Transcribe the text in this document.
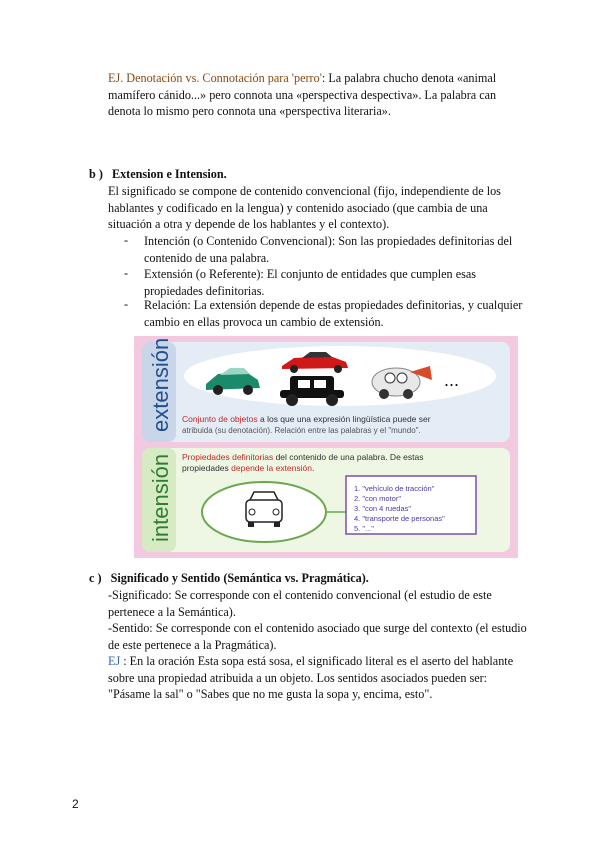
EJ. Denotación vs. Connotación para 'perro': La palabra chucho denota «animal
mamífero cánido...» pero connota una «perspectiva despectiva». La palabra can
denota lo mismo pero connota una «perspectiva literaria».
b ) Extension e Intension.
El significado se compone de contenido convencional (fijo, independiente de los
hablantes y codificado en la lengua) y contenido asociado (que cambia de una
situación a otra y depende de los hablantes y el contexto).
- Intención (o Contenido Convencional): Son las propiedades definitorias del
contenido de una palabra.
- Extensión (o Referente): El conjunto de entidades que cumplen esas
propiedades definitorias.
- Relación: La extensión depende de estas propiedades definitorias, y cualquier
cambio en ellas provoca un cambio de extensión.
extensión	...
Conjunto de objetos a los que una expresión lingüística puede ser
atribuida (su denotación). Relación entre las palabras y el "mundo".
intensión Propiedades definitorias del contenido de una palabra. De estas
propiedades depende la extensión.
1. "vehículo de tracción"
2. "con motor"
3. "con 4 ruedas"
4. "transporte de personas"
5. "..."
c ) Significado y Sentido (Semántica vs. Pragmática).
-Significado: Se corresponde con el contenido convencional (el estudio de este
pertenece a la Semántica).
-Sentido: Se corresponde con el contenido asociado que surge del contexto (el estudio
de este pertenece a la Pragmática).
EJ : En la oración Esta sopa está sosa, el significado literal es el aserto del hablante
sobre una propiedad atribuida a un objeto. Los sentidos asociados pueden ser:
"Pásame la sal" o "Sabes que no me gusta la sopa y, encima, esto".
2
